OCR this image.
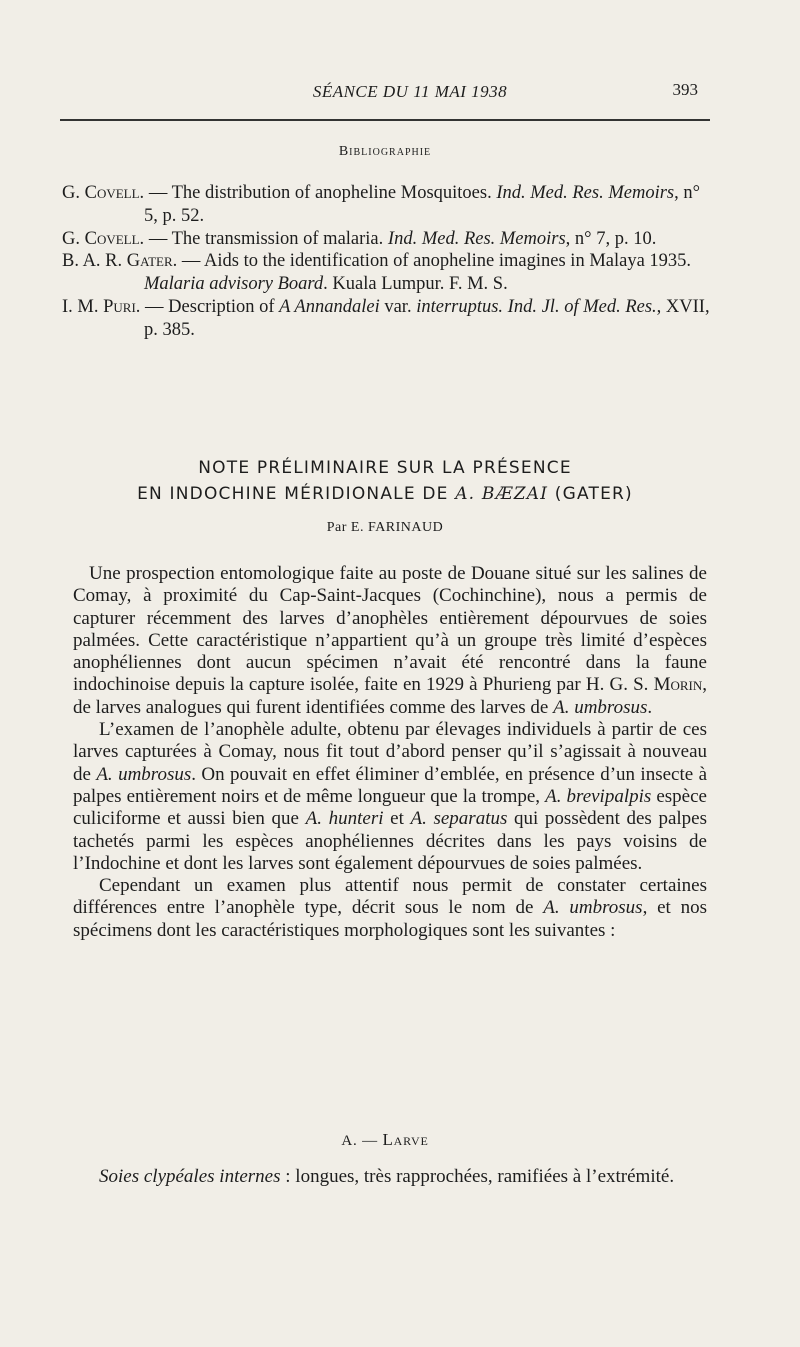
SÉANCE DU 11 MAI 1938	393
Bibliographie
G. Covell. — The distribution of anopheline Mosquitoes. Ind. Med. Res. Memoirs, n° 5, p. 52.
G. Covell. — The transmission of malaria. Ind. Med. Res. Memoirs, n° 7, p. 10.
B. A. R. Gater. — Aids to the identification of anopheline imagines in Malaya 1935. Malaria advisory Board. Kuala Lumpur. F. M. S.
I. M. Puri. — Description of A Annandalei var. interruptus. Ind. Jl. of Med. Res., XVII, p. 385.
NOTE PRÉLIMINAIRE SUR LA PRÉSENCE
EN INDOCHINE MÉRIDIONALE DE A. BÆZAI (GATER)
Par E. FARINAUD

Une prospection entomologique faite au poste de Douane situé sur les salines de Comay, à proximité du Cap-Saint-Jacques (Cochinchine), nous a permis de capturer récemment des larves d’anophèles entièrement dépourvues de soies palmées. Cette caractéristique n’appartient qu’à un groupe très limité d’espèces anophéliennes dont aucun spécimen n’avait été rencontré dans la faune indochinoise depuis la capture isolée, faite en 1929 à Phurieng par H. G. S. Morin, de larves analogues qui furent identifiées comme des larves de A. umbrosus.

L’examen de l’anophèle adulte, obtenu par élevages individuels à partir de ces larves capturées à Comay, nous fit tout d’abord penser qu’il s’agissait à nouveau de A. umbrosus. On pouvait en effet éliminer d’emblée, en présence d’un insecte à palpes entièrement noirs et de même longueur que la trompe, A. brevipalpis espèce culiciforme et aussi bien que A. hunteri et A. separatus qui possèdent des palpes tachetés parmi les espèces anophéliennes décrites dans les pays voisins de l’Indochine et dont les larves sont également dépourvues de soies palmées.

Cependant un examen plus attentif nous permit de constater certaines différences entre l’anophèle type, décrit sous le nom de A. umbrosus, et nos spécimens dont les caractéristiques morphologiques sont les suivantes :

A. — Larve

Soies clypéales internes : longues, très rapprochées, ramifiées à l’extrémité.
